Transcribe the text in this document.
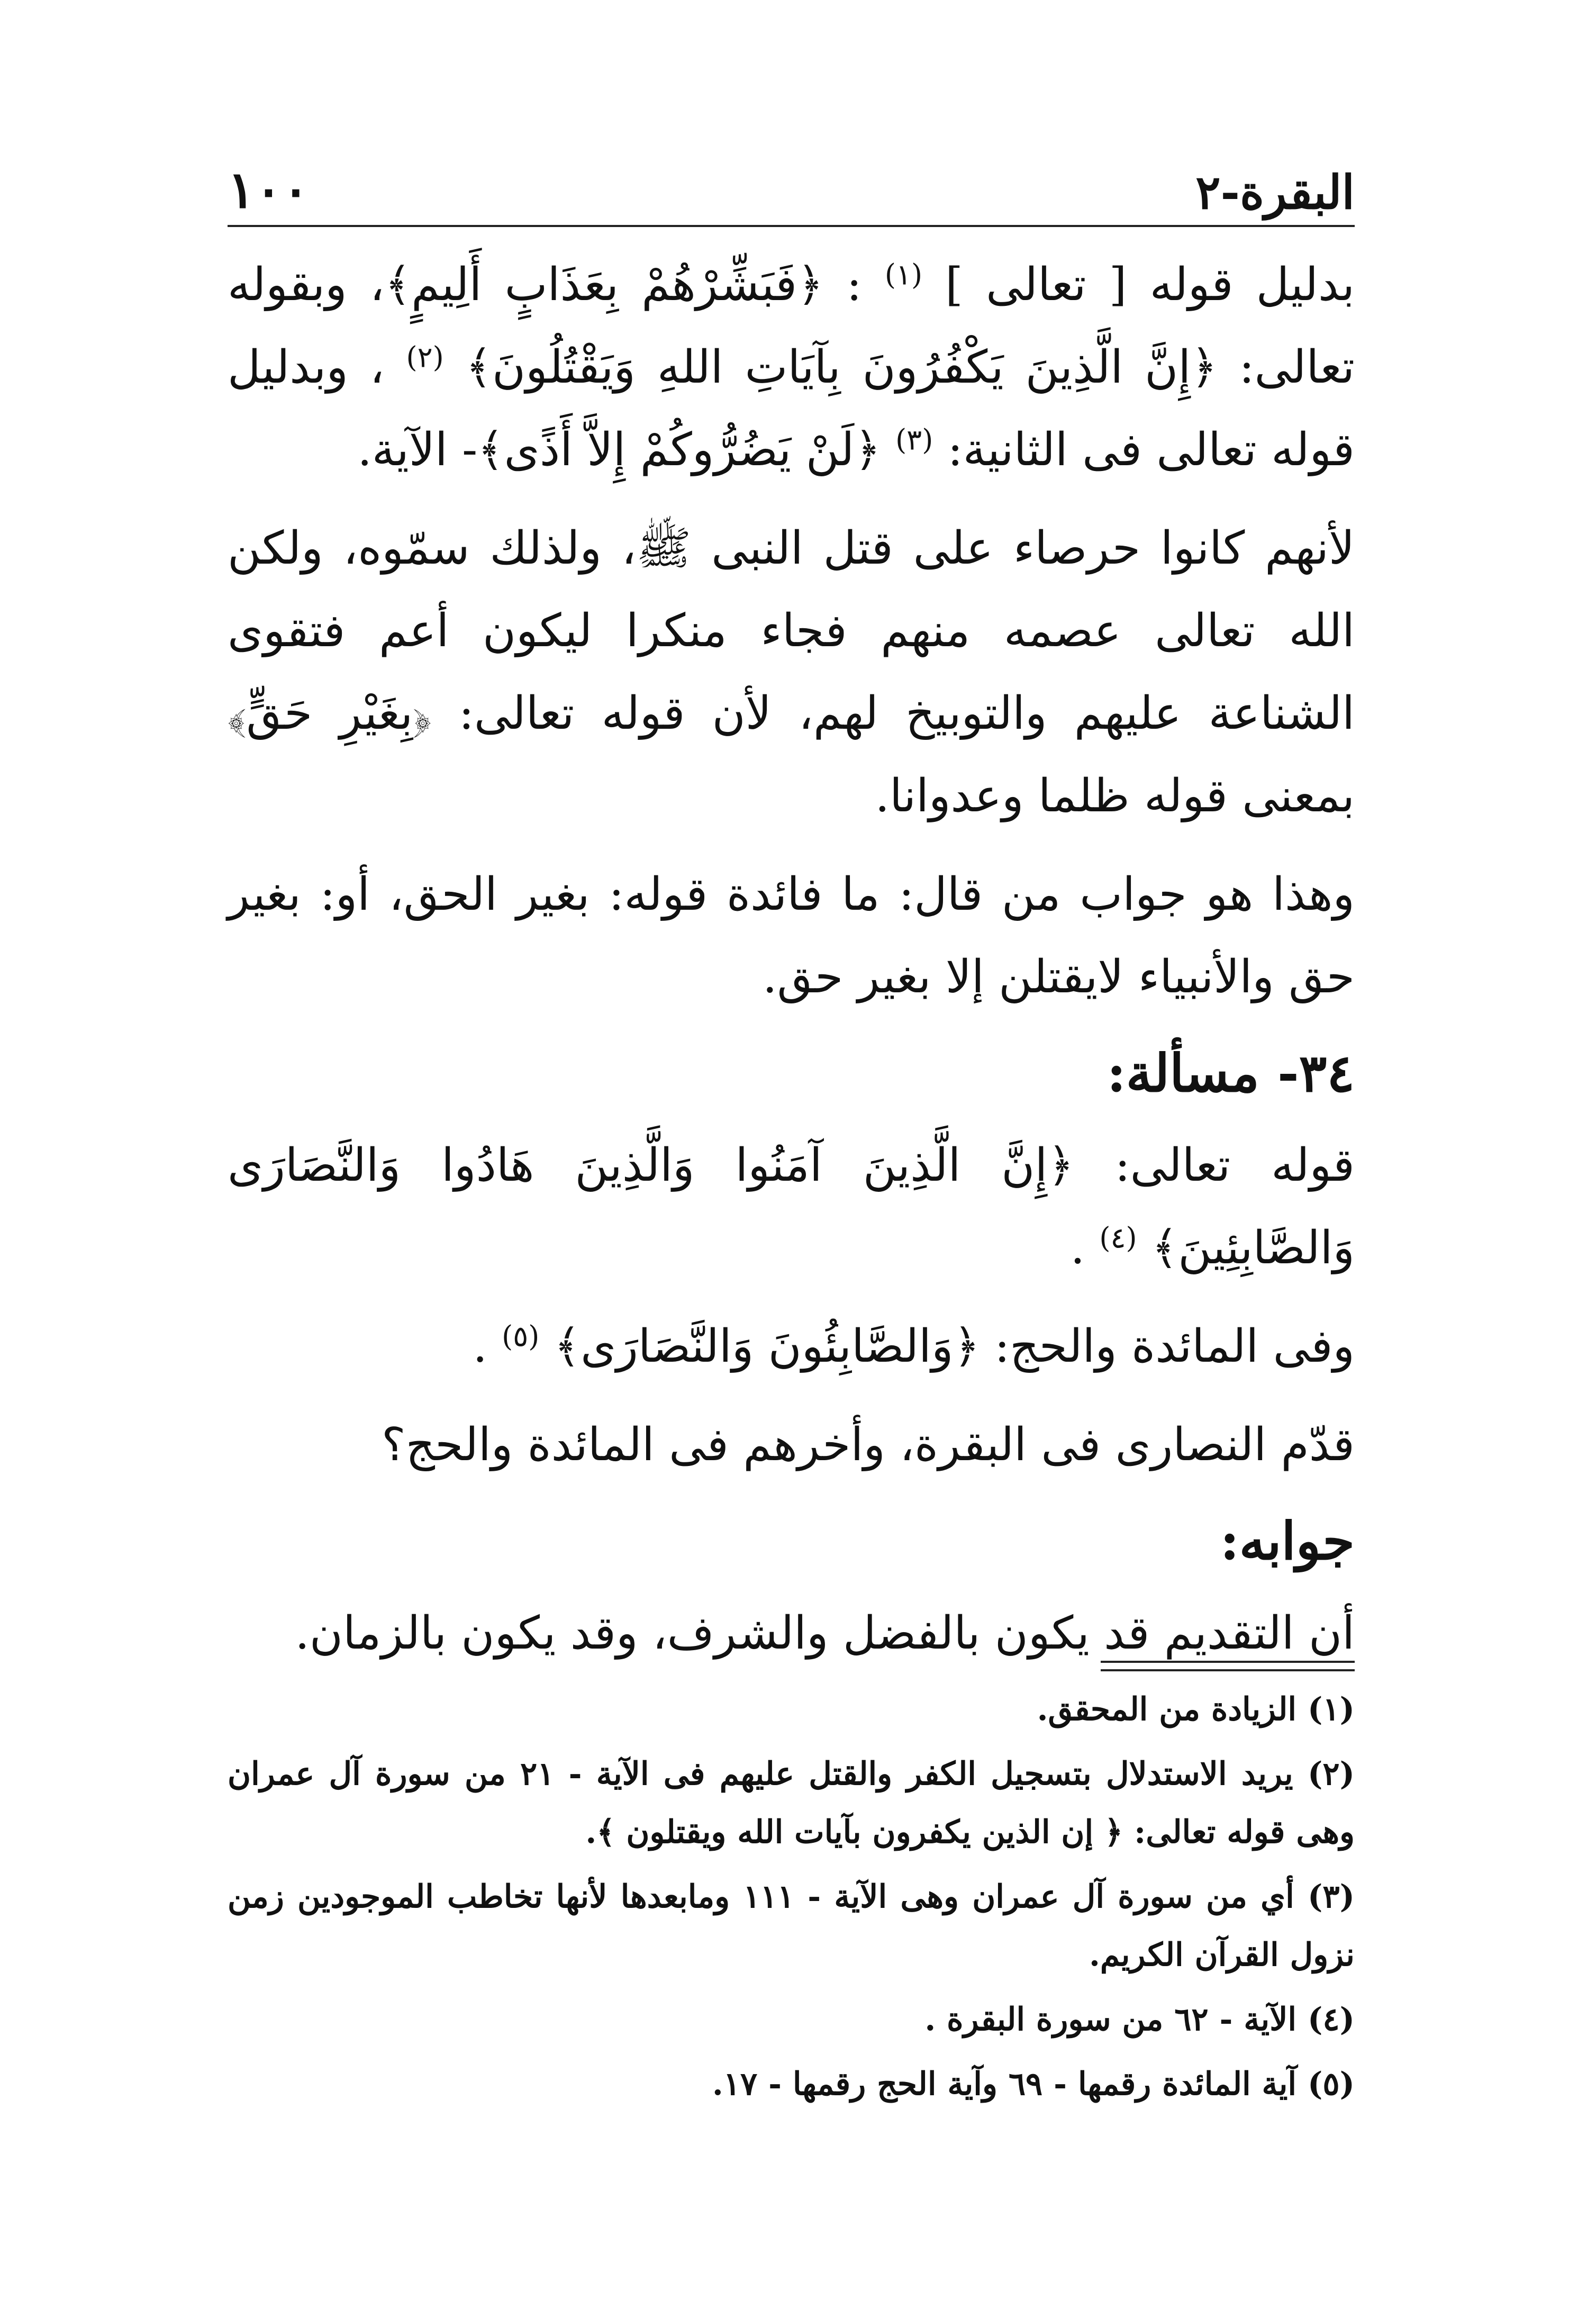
١٠٠	البقرة-٢

بدليل قوله [ تعالى ] $^{(١)}$ : ﴿فَبَشِّرْهُمْ بِعَذَابٍ أَلِيمٍ﴾، وبقوله تعالى: ﴿إِنَّ الَّذِينَ يَكْفُرُونَ بِآيَاتِ اللهِ وَيَقْتُلُونَ﴾ $^{(٢)}$ ، وبدليل قوله تعالى فى الثانية: $^{(٣)}$ ﴿لَنْ يَضُرُّوكُمْ إِلاَّ أَذًى﴾- الآية.

لأنهم كانوا حرصاء على قتل النبى ﷺ، ولذلك سمّوه، ولكن الله تعالى عصمه منهم فجاء منكرا ليكون أعم فتقوى الشناعة عليهم والتوبيخ لهم، لأن قوله تعالى: ﴿بِغَيْرِ حَقٍّ﴾ بمعنى قوله ظلما وعدوانا.

وهذا هو جواب من قال: ما فائدة قوله: بغير الحق، أو: بغير حق والأنبياء لايقتلن إلا بغير حق.

٣٤- مسألة:

قوله تعالى: ﴿إِنَّ الَّذِينَ آمَنُوا وَالَّذِينَ هَادُوا وَالنَّصَارَى وَالصَّابِئِينَ﴾ $^{(٤)}$ .

وفى المائدة والحج: ﴿وَالصَّابِئُونَ وَالنَّصَارَى﴾ $^{(٥)}$ .

قدّم النصارى فى البقرة، وأخرهم فى المائدة والحج؟

جوابه:

أن التقديم قد يكون بالفضل والشرف، وقد يكون بالزمان.

(١) الزيادة من المحقق.

(٢) يريد الاستدلال بتسجيل الكفر والقتل عليهم فى الآية - ٢١ من سورة آل عمران وهى قوله تعالى: ﴿ إن الذين يكفرون بآيات الله ويقتلون ﴾.

(٣) أي من سورة آل عمران وهى الآية - ١١١ ومابعدها لأنها تخاطب الموجودين زمن نزول القرآن الكريم.

(٤) الآية - ٦٢ من سورة البقرة .

(٥) آية المائدة رقمها - ٦٩ وآية الحج رقمها - ١٧.
